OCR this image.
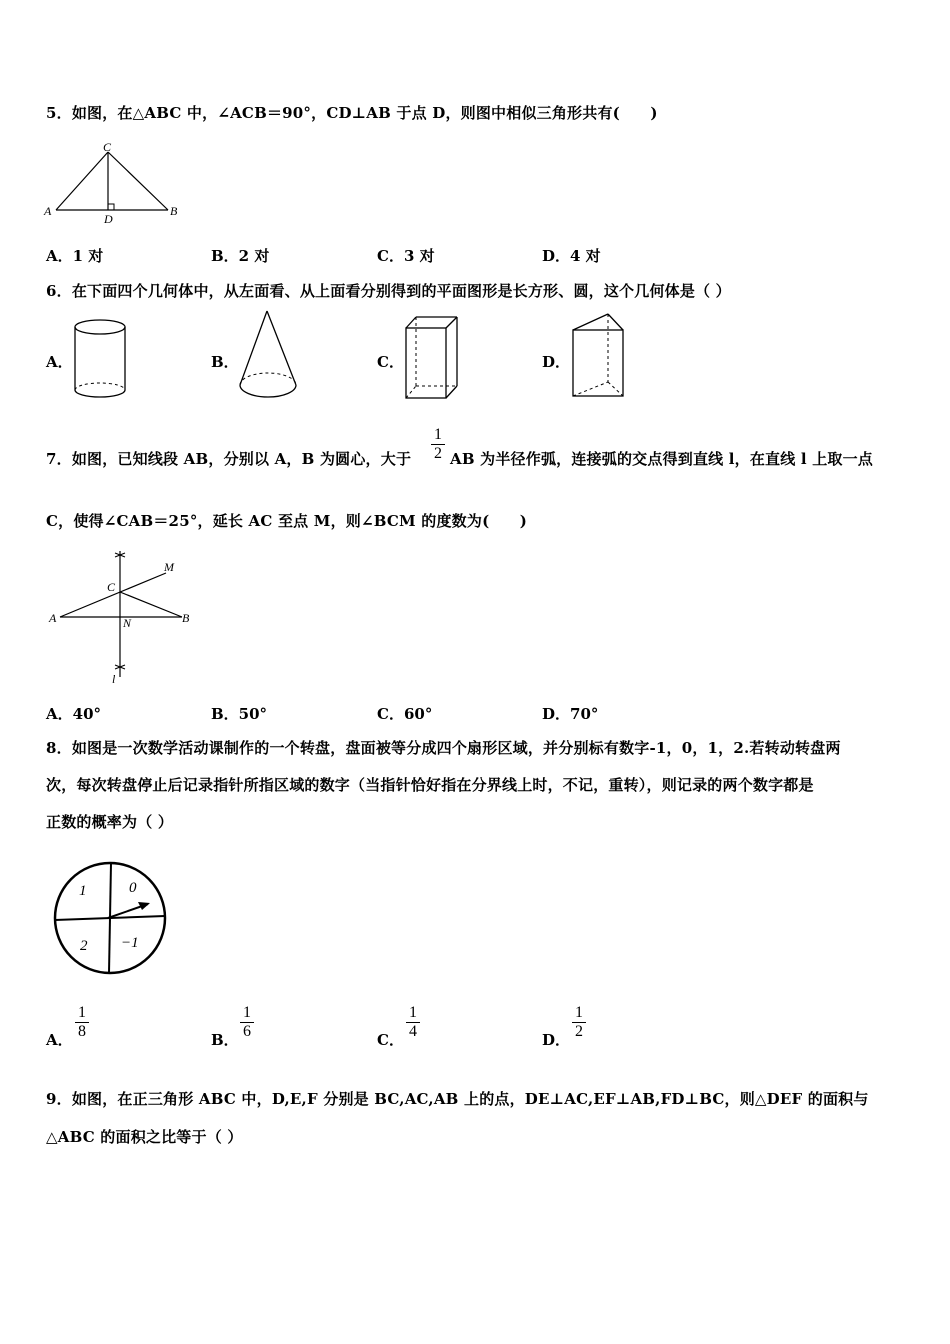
5．如图，在△ABC 中，∠ACB＝90°，CD⊥AB 于点 D，则图中相似三角形共有(　　)
C
A	B
D
A．1 对	B．2 对	C．3 对	D．4 对
6．在下面四个几何体中，从左面看、从上面看分别得到的平面图形是长方形、圆，这个几何体是（ ）
A．	B．	C．	D．
7．如图，已知线段 AB，分别以 A，B 为圆心，大于 $\frac{1}{2}$ AB 为半径作弧，连接弧的交点得到直线 l，在直线 l 上取一点
C，使得∠CAB＝25°，延长 AC 至点 M，则∠BCM 的度数为(　　)
M
C
A	N	B
l
A．40°	B．50°	C．60°	D．70°
8．如图是一次数学活动课制作的一个转盘，盘面被等分成四个扇形区域，并分别标有数字-1，0，1，2.若转动转盘两
次，每次转盘停止后记录指针所指区域的数字（当指针恰好指在分界线上时，不记，重转），则记录的两个数字都是
正数的概率为（ ）
1	0
2 −1
A． $\frac{1}{8}$	B． $\frac{1}{6}$	C． $\frac{1}{4}$	D． $\frac{1}{2}$
9．如图，在正三角形 ABC 中，D,E,F 分别是 BC,AC,AB 上的点，DE⊥AC,EF⊥AB,FD⊥BC，则△DEF 的面积与
△ABC 的面积之比等于（ ）
